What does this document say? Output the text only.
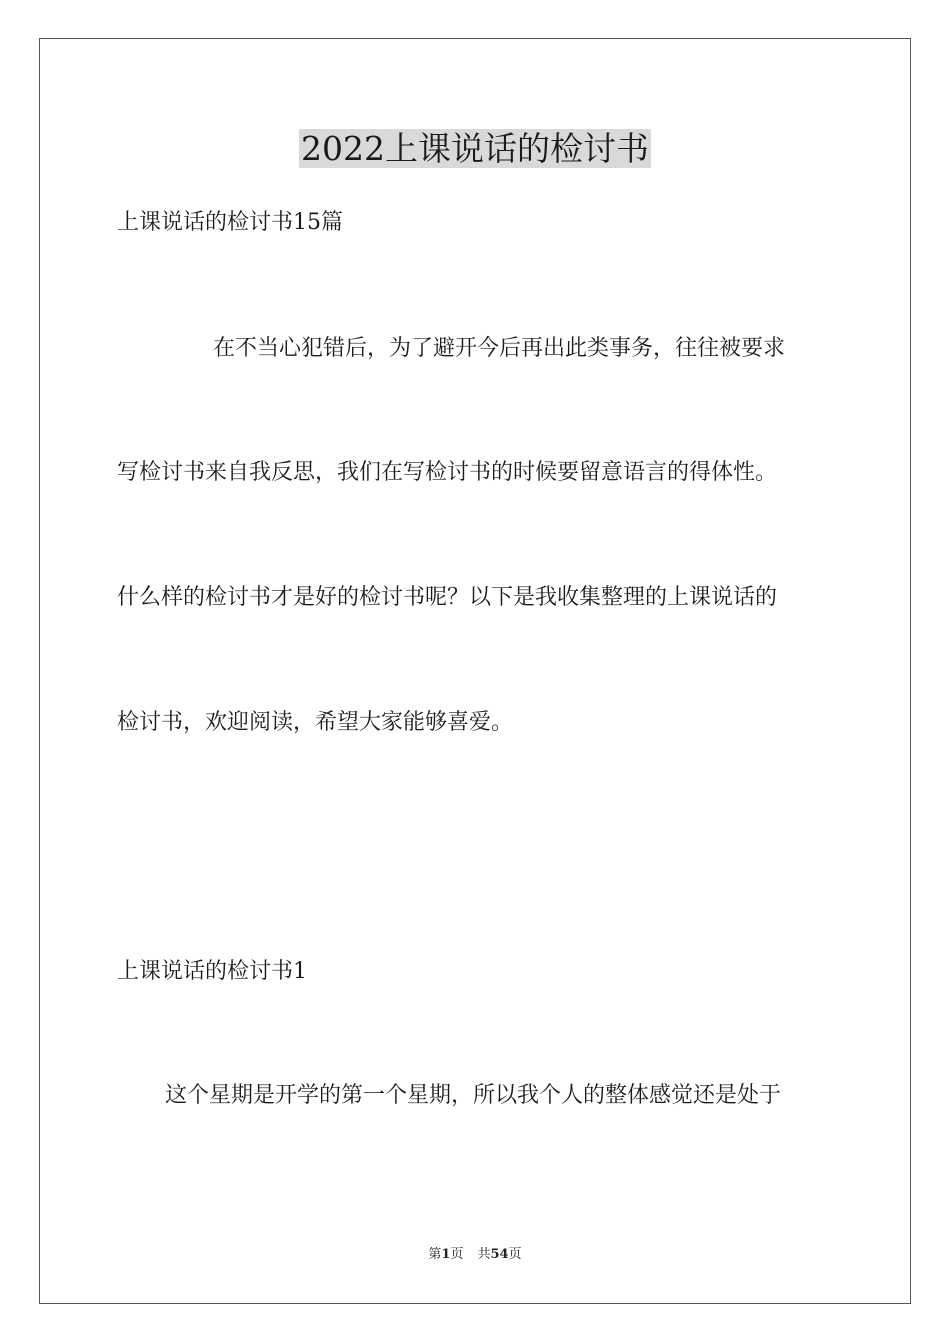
2022上课说话的检讨书

上课说话的检讨书15篇

在不当心犯错后，为了避开今后再出此类事务，往往被要求

写检讨书来自我反思，我们在写检讨书的时候要留意语言的得体性。

什么样的检讨书才是好的检讨书呢？以下是我收集整理的上课说话的

检讨书，欢迎阅读，希望大家能够喜爱。

上课说话的检讨书1

这个星期是开学的第一个星期，所以我个人的整体感觉还是处于

第1页 共54页
